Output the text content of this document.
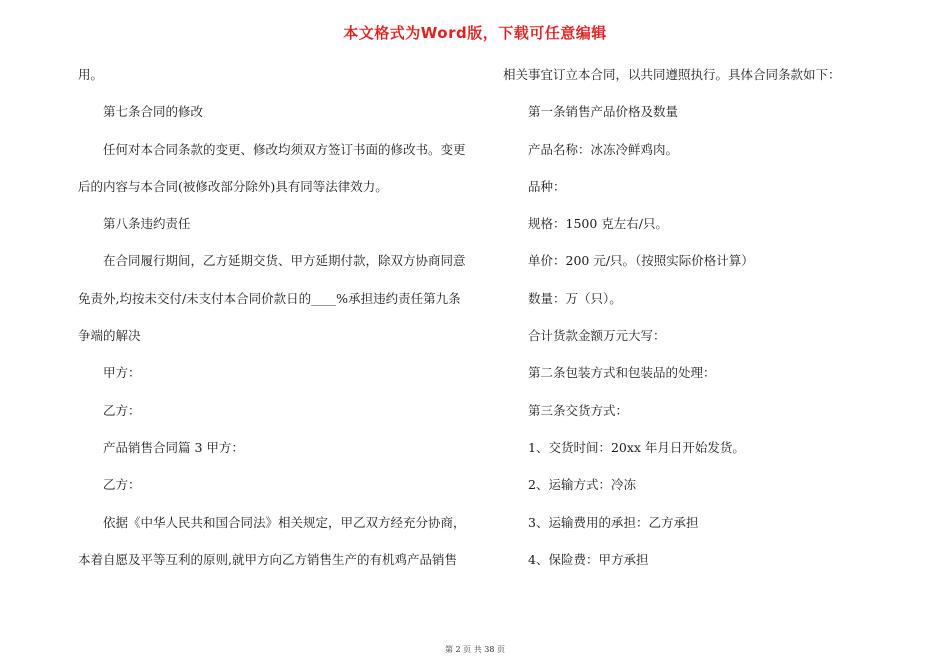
本文格式为Word版，下载可任意编辑
用。
第七条合同的修改
任何对本合同条款的变更、修改均须双方签订书面的修改书。变更
后的内容与本合同(被修改部分除外)具有同等法律效力。
第八条违约责任
在合同履行期间，乙方延期交货、甲方延期付款，除双方协商同意
免责外,均按未交付/未支付本合同价款日的____%承担违约责任第九条
争端的解决
甲方：
乙方：
产品销售合同篇 3 甲方：
乙方：
依据《中华人民共和国合同法》相关规定，甲乙双方经充分协商，
本着自愿及平等互利的原则,就甲方向乙方销售生产的有机鸡产品销售
相关事宜订立本合同，以共同遵照执行。具体合同条款如下：
第一条销售产品价格及数量
产品名称：冰冻冷鲜鸡肉。
品种：
规格：1500 克左右/只。
单价：200 元/只。（按照实际价格计算）
数量：万（只）。
合计货款金额万元大写：
第二条包装方式和包装品的处理：
第三条交货方式：
1、交货时间：20xx 年月日开始发货。
2、运输方式：冷冻
3、运输费用的承担：乙方承担
4、保险费：甲方承担
第 2 页 共 38 页
